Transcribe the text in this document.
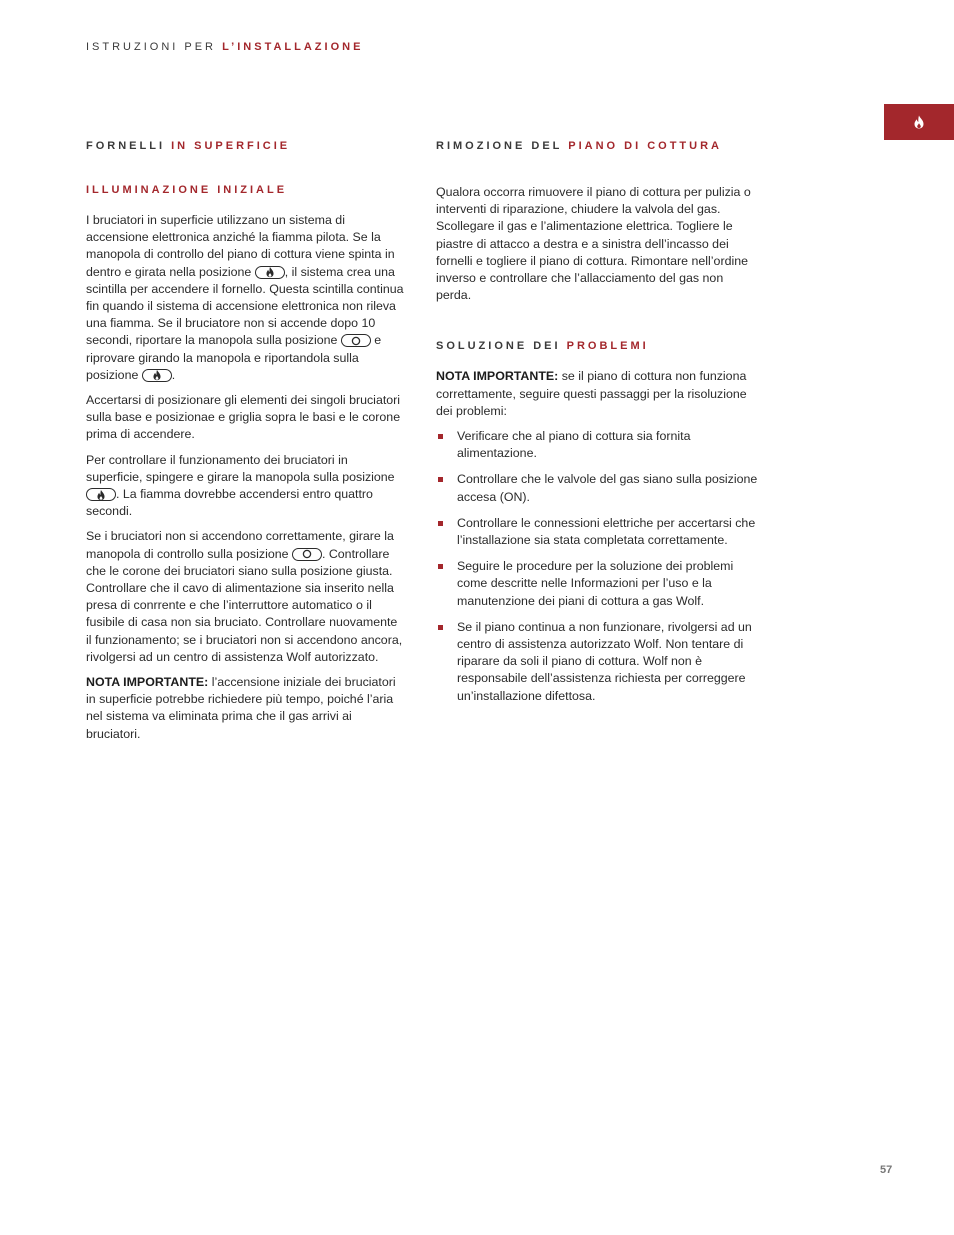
ISTRUZIONI PER L’INSTALLAZIONE
FORNELLI IN SUPERFICIE
ILLUMINAZIONE INIZIALE

I bruciatori in superficie utilizzano un sistema di accensione elettronica anziché la fiamma pilota. Se la manopola di controllo del piano di cottura viene spinta in dentro e girata nella posizione
, il sistema crea una scintilla per accendere il fornello. Questa scintilla continua fin quando il sistema di accensione elettronica non rileva una fiamma. Se il bruciatore non si accende dopo 10 secondi, riportare la manopola sulla posizione
e riprovare girando la manopola e riportandola sulla posizione
.

Accertarsi di posizionare gli elementi dei singoli bruciatori sulla base e posizionae e griglia sopra le basi e le corone prima di accendere.

Per controllare il funzionamento dei bruciatori in superficie, spingere e girare la manopola sulla posizione
. La fiamma dovrebbe accendersi entro quattro secondi.

Se i bruciatori non si accendono correttamente, girare la manopola di controllo sulla posizione
. Controllare che le corone dei bruciatori siano sulla posizione giusta. Controllare che il cavo di alimentazione sia inserito nella presa di conrrente e che l’interruttore automatico o il fusibile di casa non sia bruciato. Controllare nuovamente il funzionamento; se i bruciatori non si accendono ancora, rivolgersi ad un centro di assistenza Wolf autorizzato.

NOTA IMPORTANTE: l’accensione iniziale dei bruciatori in superficie potrebbe richiedere più tempo, poiché l’aria nel sistema va eliminata prima che il gas arrivi ai bruciatori.

RIMOZIONE DEL PIANO DI COTTURA

Qualora occorra rimuovere il piano di cottura per pulizia o interventi di riparazione, chiudere la valvola del gas. Scollegare il gas e l’alimentazione elettrica. Togliere le piastre di attacco a destra e a sinistra dell’incasso dei fornelli e togliere il piano di cottura. Rimontare nell’ordine inverso e controllare che l’allacciamento del gas non perda.

SOLUZIONE DEI PROBLEMI

NOTA IMPORTANTE: se il piano di cottura non funziona correttamente, seguire questi passaggi per la risoluzione dei problemi:

Verificare che al piano di cottura sia fornita alimentazione.
Controllare che le valvole del gas siano sulla posizione accesa (ON).
Controllare le connessioni elettriche per accertarsi che l’installazione sia stata completata correttamente.
Seguire le procedure per la soluzione dei problemi come descritte nelle Informazioni per l’uso e la manutenzione dei piani di cottura a gas Wolf.
Se il piano continua a non funzionare, rivolgersi ad un centro di assistenza autorizzato Wolf. Non tentare di riparare da soli il piano di cottura. Wolf non è responsabile dell’assistenza richiesta per correggere un’installazione difettosa.
57
